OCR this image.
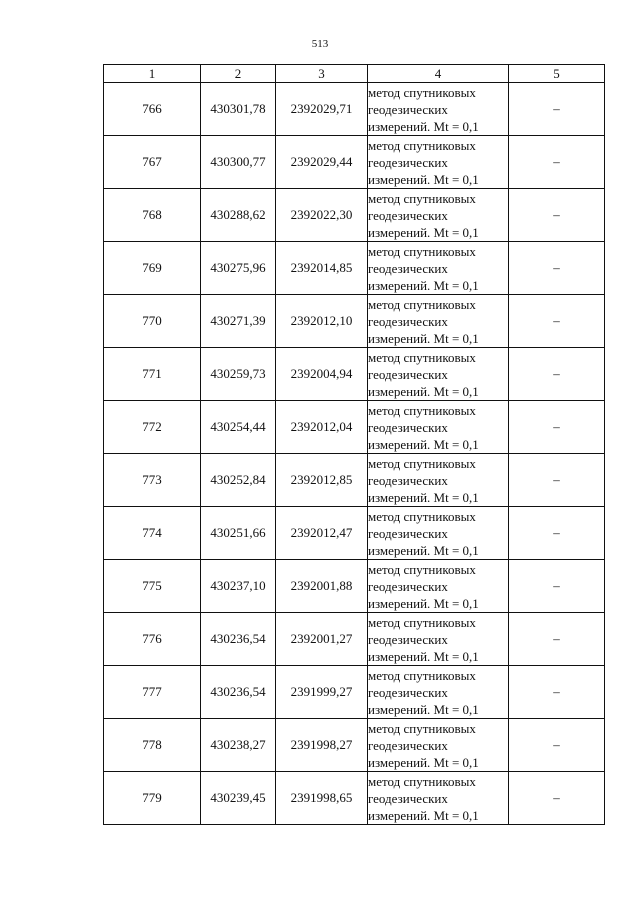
513
1	2	3	4	5
766	430301,78	2392029,71	метод спутниковых
геодезических
измерений. Mt = 0,1	–
767	430300,77	2392029,44	метод спутниковых
геодезических
измерений. Mt = 0,1	–
768	430288,62	2392022,30	метод спутниковых
геодезических
измерений. Mt = 0,1	–
769	430275,96	2392014,85	метод спутниковых
геодезических
измерений. Mt = 0,1	–
770	430271,39	2392012,10	метод спутниковых
геодезических
измерений. Mt = 0,1	–
771	430259,73	2392004,94	метод спутниковых
геодезических
измерений. Mt = 0,1	–
772	430254,44	2392012,04	метод спутниковых
геодезических
измерений. Mt = 0,1	–
773	430252,84	2392012,85	метод спутниковых
геодезических
измерений. Mt = 0,1	–
774	430251,66	2392012,47	метод спутниковых
геодезических
измерений. Mt = 0,1	–
775	430237,10	2392001,88	метод спутниковых
геодезических
измерений. Mt = 0,1	–
776	430236,54	2392001,27	метод спутниковых
геодезических
измерений. Mt = 0,1	–
777	430236,54	2391999,27	метод спутниковых
геодезических
измерений. Mt = 0,1	–
778	430238,27	2391998,27	метод спутниковых
геодезических
измерений. Mt = 0,1	–
779	430239,45	2391998,65	метод спутниковых
геодезических
измерений. Mt = 0,1	–
